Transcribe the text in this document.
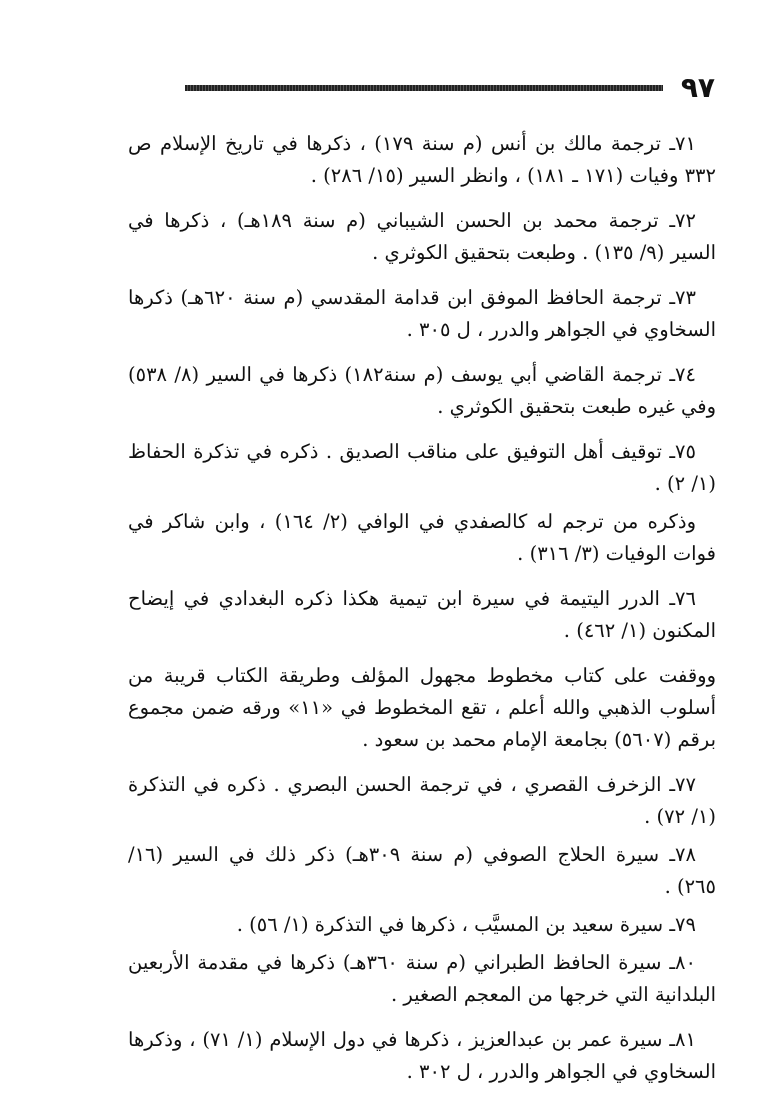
٩٧

٧١ـ ترجمة مالك بن أنس (م سنة ١٧٩) ، ذكرها في تاريخ الإسلام ص ٣٣٢ وفيات (١٧١ ـ ١٨١) ، وانظر السير (١٥/ ٢٨٦) .

٧٢ـ ترجمة محمد بن الحسن الشيباني (م سنة ١٨٩هـ) ، ذكرها في السير (٩/ ١٣٥) . وطبعت بتحقيق الكوثري .

٧٣ـ ترجمة الحافظ الموفق ابن قدامة المقدسي (م سنة ٦٢٠هـ) ذكرها السخاوي في الجواهر والدرر ، ل ٣٠٥ .

٧٤ـ ترجمة القاضي أبي يوسف (م سنة١٨٢) ذكرها في السير (٨/ ٥٣٨) وفي غيره طبعت بتحقيق الكوثري .

٧٥ـ توقيف أهل التوفيق على مناقب الصديق . ذكره في تذكرة الحفاظ (١/ ٢) .

وذكره من ترجم له كالصفدي في الوافي (٢/ ١٦٤) ، وابن شاكر في فوات الوفيات (٣/ ٣١٦) .

٧٦ـ الدرر اليتيمة في سيرة ابن تيمية هكذا ذكره البغدادي في إيضاح المكنون (١/ ٤٦٢) .

ووقفت على كتاب مخطوط مجهول المؤلف وطريقة الكتاب قريبة من أسلوب الذهبي والله أعلم ، تقع المخطوط في «١١» ورقه ضمن مجموع برقم (٥٦٠٧) بجامعة الإمام محمد بن سعود .

٧٧ـ الزخرف القصري ، في ترجمة الحسن البصري . ذكره في التذكرة (١/ ٧٢) .

٧٨ـ سيرة الحلاج الصوفي (م سنة ٣٠٩هـ) ذكر ذلك في السير (١٦/ ٢٦٥) .

٧٩ـ سيرة سعيد بن المسيَّب ، ذكرها في التذكرة (١/ ٥٦) .

٨٠ـ سيرة الحافظ الطبراني (م سنة ٣٦٠هـ) ذكرها في مقدمة الأربعين البلدانية التي خرجها من المعجم الصغير .

٨١ـ سيرة عمر بن عبدالعزيز ، ذكرها في دول الإسلام (١/ ٧١) ، وذكرها السخاوي في الجواهر والدرر ، ل ٣٠٢ .
